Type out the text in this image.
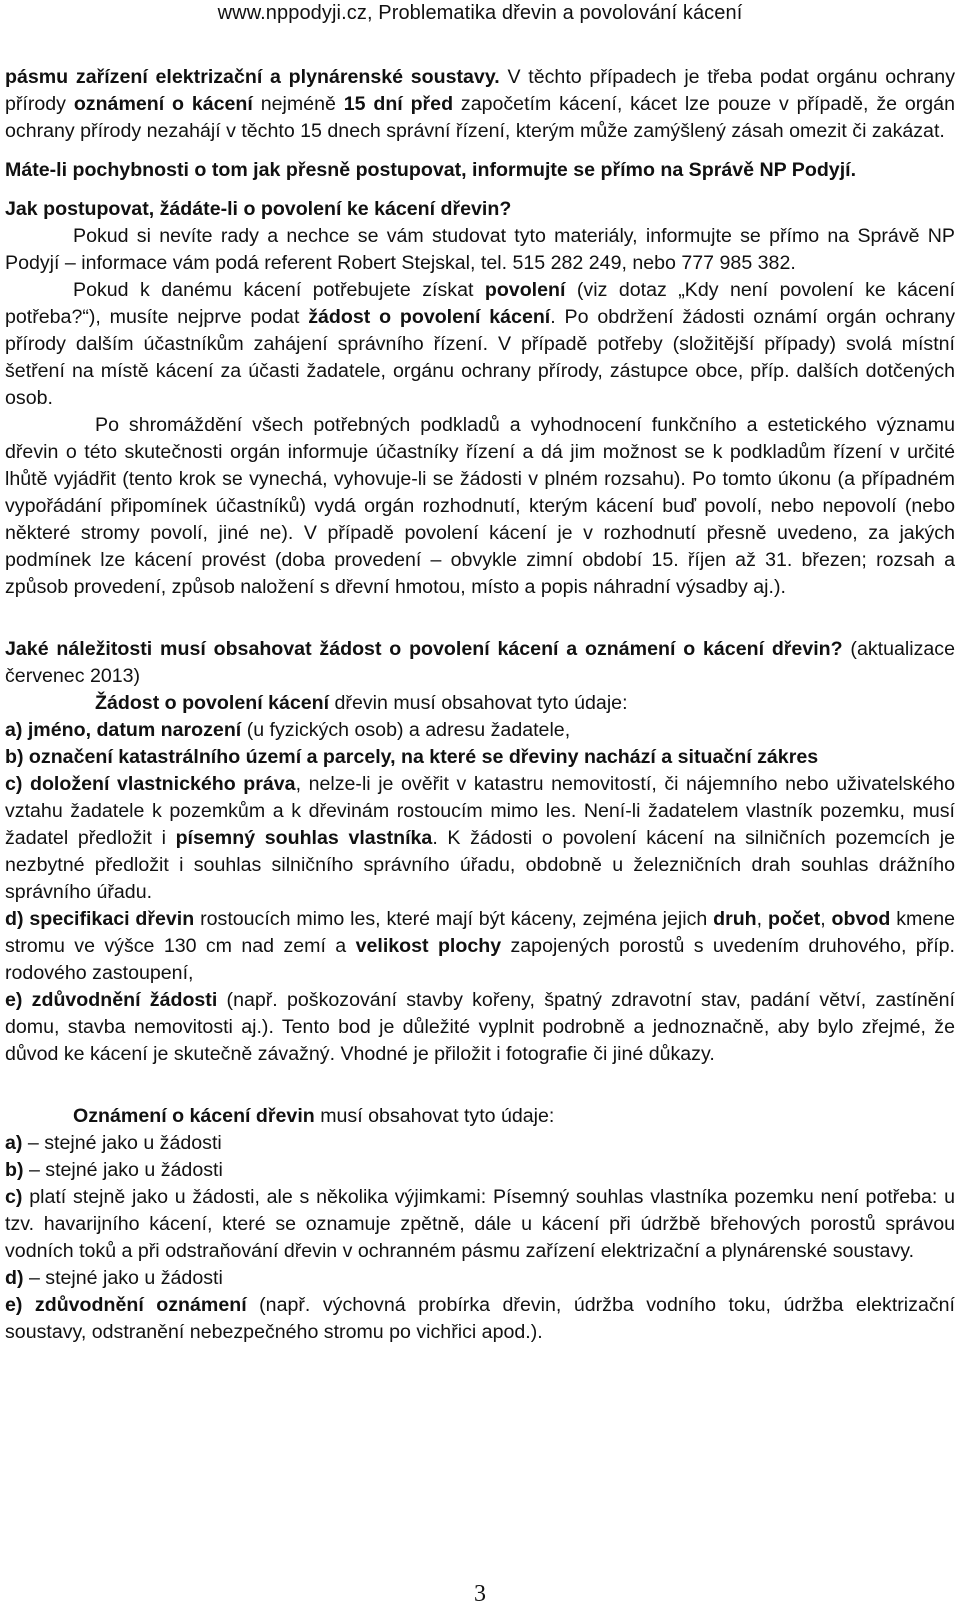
www.nppodyji.cz, Problematika dřevin a povolování kácení

pásmu zařízení elektrizační a plynárenské soustavy. V těchto případech je třeba podat orgánu ochrany přírody oznámení o kácení nejméně 15 dní před započetím kácení, kácet lze pouze v případě, že orgán ochrany přírody nezahájí v těchto 15 dnech správní řízení, kterým může zamýšlený zásah omezit či zakázat.

Máte-li pochybnosti o tom jak přesně postupovat, informujte se přímo na Správě NP Podyjí.

Jak postupovat, žádáte-li o povolení ke kácení dřevin?

Pokud si nevíte rady a nechce se vám studovat tyto materiály, informujte se přímo na Správě NP Podyjí – informace vám podá referent Robert Stejskal, tel. 515 282 249, nebo 777 985 382.

Pokud k danému kácení potřebujete získat povolení (viz dotaz „Kdy není povolení ke kácení potřeba?“), musíte nejprve podat žádost o povolení kácení. Po obdržení žádosti oznámí orgán ochrany přírody dalším účastníkům zahájení správního řízení. V případě potřeby (složitější případy) svolá místní šetření na místě kácení za účasti žadatele, orgánu ochrany přírody, zástupce obce, příp. dalších dotčených osob.

Po shromáždění všech potřebných podkladů a vyhodnocení funkčního a estetického významu dřevin o této skutečnosti orgán informuje účastníky řízení a dá jim možnost se k podkladům řízení v určité lhůtě vyjádřit (tento krok se vynechá, vyhovuje-li se žádosti v plném rozsahu). Po tomto úkonu (a případném vypořádání připomínek účastníků) vydá orgán rozhodnutí, kterým kácení buď povolí, nebo nepovolí (nebo některé stromy povolí, jiné ne). V případě povolení kácení je v rozhodnutí přesně uvedeno, za jakých podmínek lze kácení provést (doba provedení – obvykle zimní období 15. říjen až 31. březen; rozsah a způsob provedení, způsob naložení s dřevní hmotou, místo a popis náhradní výsadby aj.).

Jaké náležitosti musí obsahovat žádost o povolení kácení a oznámení o kácení dřevin? (aktualizace červenec 2013)

Žádost o povolení kácení dřevin musí obsahovat tyto údaje:

a) jméno, datum narození (u fyzických osob) a adresu žadatele,

b) označení katastrálního území a parcely, na které se dřeviny nachází a situační zákres

c) doložení vlastnického práva, nelze-li je ověřit v katastru nemovitostí, či nájemního nebo uživatelského vztahu žadatele k pozemkům a k dřevinám rostoucím mimo les. Není-li žadatelem vlastník pozemku, musí žadatel předložit i písemný souhlas vlastníka. K žádosti o povolení kácení na silničních pozemcích je nezbytné předložit i souhlas silničního správního úřadu, obdobně u železničních drah souhlas drážního správního úřadu.

d) specifikaci dřevin rostoucích mimo les, které mají být káceny, zejména jejich druh, počet, obvod kmene stromu ve výšce 130 cm nad zemí a velikost plochy zapojených porostů s uvedením druhového, příp. rodového zastoupení,

e) zdůvodnění žádosti (např. poškozování stavby kořeny, špatný zdravotní stav, padání větví, zastínění domu, stavba nemovitosti aj.). Tento bod je důležité vyplnit podrobně a jednoznačně, aby bylo zřejmé, že důvod ke kácení je skutečně závažný. Vhodné je přiložit i fotografie či jiné důkazy.

Oznámení o kácení dřevin musí obsahovat tyto údaje:

a) – stejné jako u žádosti

b) – stejné jako u žádosti

c) platí stejně jako u žádosti, ale s několika výjimkami: Písemný souhlas vlastníka pozemku není potřeba: u tzv. havarijního kácení, které se oznamuje zpětně, dále u kácení při údržbě břehových porostů správou vodních toků a při odstraňování dřevin v ochranném pásmu zařízení elektrizační a plynárenské soustavy.

d) – stejné jako u žádosti

e) zdůvodnění oznámení (např. výchovná probírka dřevin, údržba vodního toku, údržba elektrizační soustavy, odstranění nebezpečného stromu po vichřici apod.).

3
